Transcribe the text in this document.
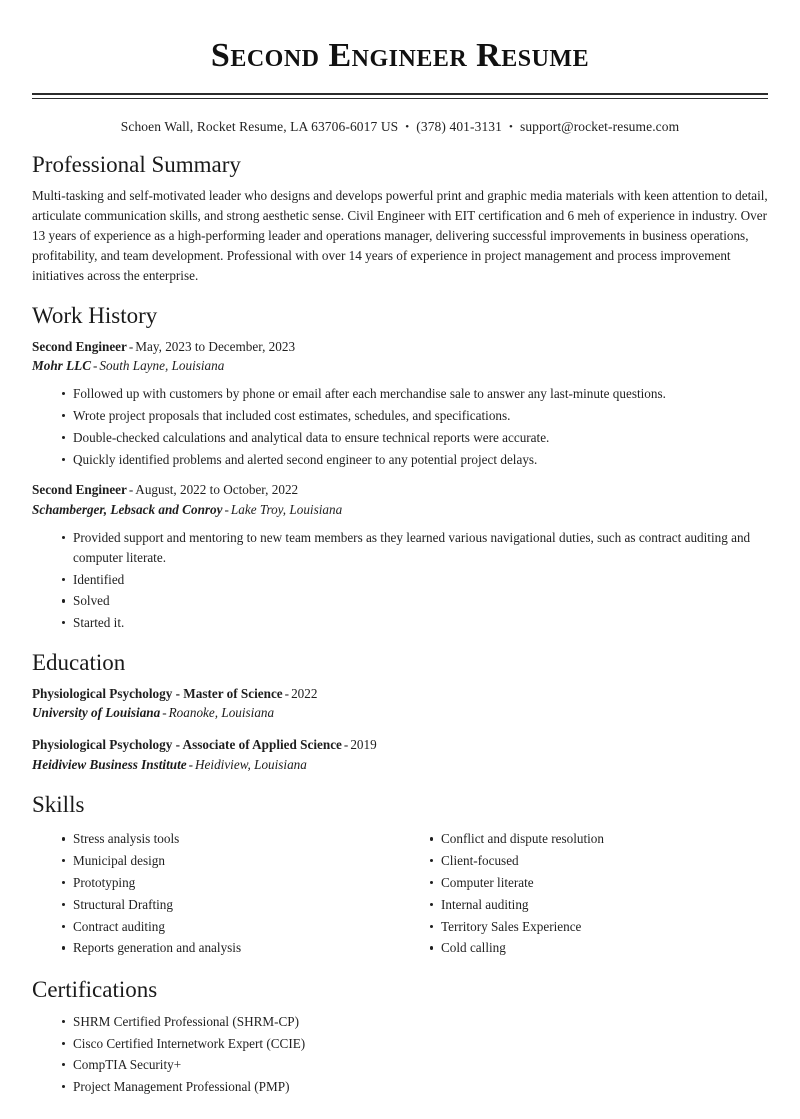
Second Engineer Resume
Schoen Wall, Rocket Resume, LA 63706-6017 US • (378) 401-3131 • support@rocket-resume.com
Professional Summary

Multi-tasking and self-motivated leader who designs and develops powerful print and graphic media materials with keen attention to detail, articulate communication skills, and strong aesthetic sense. Civil Engineer with EIT certification and 6 meh of experience in industry. Over 13 years of experience as a high-performing leader and operations manager, delivering successful improvements in business operations, profitability, and team development. Professional with over 14 years of experience in project management and process improvement initiatives across the enterprise.

Work History
Second Engineer - May, 2023 to December, 2023
Mohr LLC - South Layne, Louisiana
Followed up with customers by phone or email after each merchandise sale to answer any last-minute questions.
Wrote project proposals that included cost estimates, schedules, and specifications.
Double-checked calculations and analytical data to ensure technical reports were accurate.
Quickly identified problems and alerted second engineer to any potential project delays.
Second Engineer - August, 2022 to October, 2022
Schamberger, Lebsack and Conroy - Lake Troy, Louisiana
Provided support and mentoring to new team members as they learned various navigational duties, such as contract auditing and computer literate.
Identified
Solved
Started it.
Education
Physiological Psychology - Master of Science - 2022
University of Louisiana - Roanoke, Louisiana
Physiological Psychology - Associate of Applied Science - 2019
Heidiview Business Institute - Heidiview, Louisiana
Skills
Stress analysis tools
Municipal design
Prototyping
Structural Drafting
Contract auditing
Reports generation and analysis
Conflict and dispute resolution
Client-focused
Computer literate
Internal auditing
Territory Sales Experience
Cold calling
Certifications
SHRM Certified Professional (SHRM-CP)
Cisco Certified Internetwork Expert (CCIE)
CompTIA Security+
Project Management Professional (PMP)
